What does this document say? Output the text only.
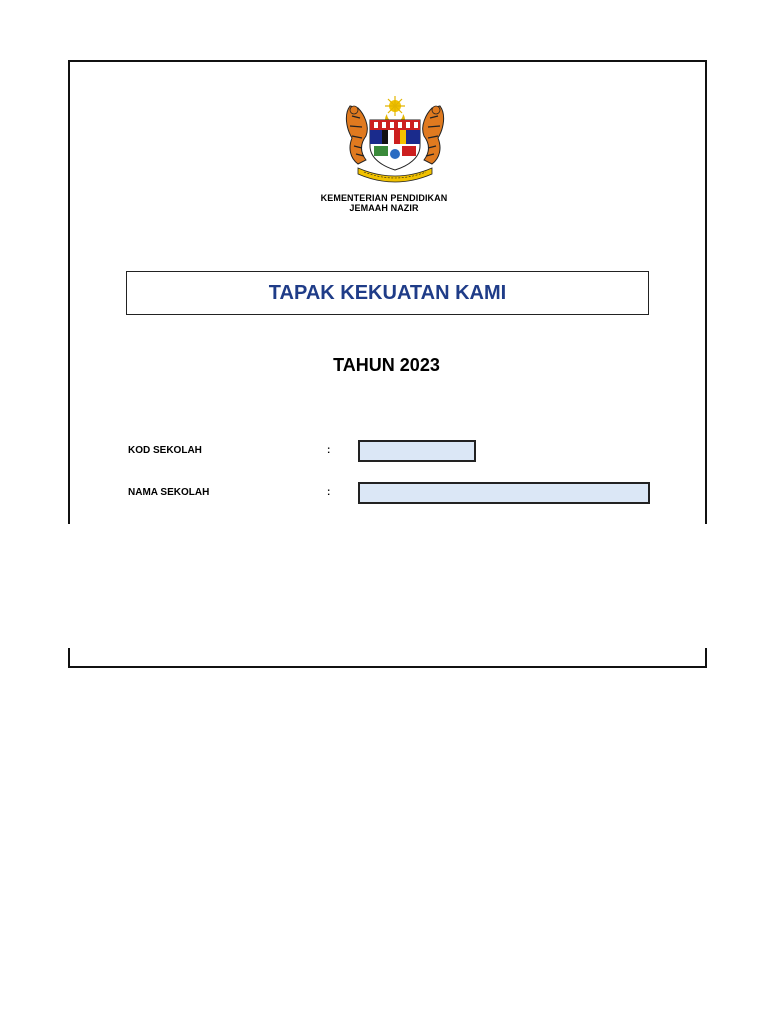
KEMENTERIAN PENDIDIKAN
JEMAAH NAZIR
TAPAK KEKUATAN KAMI
TAHUN 2023
KOD SEKOLAH	:
NAMA SEKOLAH	:
